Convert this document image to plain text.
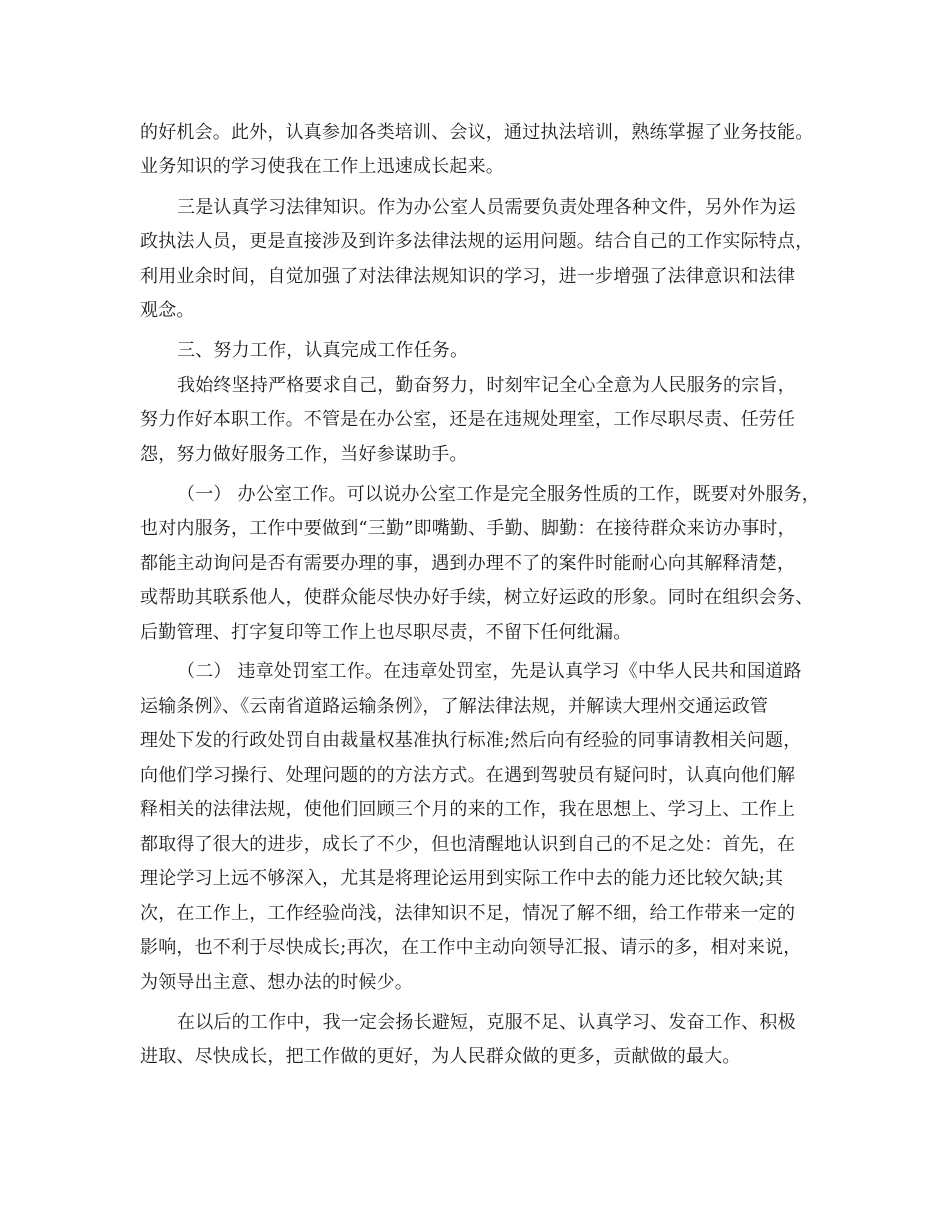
的好机会。此外，认真参加各类培训、会议，通过执法培训，熟练掌握了业务技能。
业务知识的学习使我在工作上迅速成长起来。
三是认真学习法律知识。作为办公室人员需要负责处理各种文件，另外作为运
政执法人员，更是直接涉及到许多法律法规的运用问题。结合自己的工作实际特点，
利用业余时间，自觉加强了对法律法规知识的学习，进一步增强了法律意识和法律
观念。
三、努力工作，认真完成工作任务。
我始终坚持严格要求自己，勤奋努力，时刻牢记全心全意为人民服务的宗旨，
努力作好本职工作。不管是在办公室，还是在违规处理室，工作尽职尽责、任劳任
怨，努力做好服务工作，当好参谋助手。
（一） 办公室工作。可以说办公室工作是完全服务性质的工作，既要对外服务，
也对内服务，工作中要做到“三勤”即嘴勤、手勤、脚勤：在接待群众来访办事时，
都能主动询问是否有需要办理的事，遇到办理不了的案件时能耐心向其解释清楚，
或帮助其联系他人，使群众能尽快办好手续，树立好运政的形象。同时在组织会务、
后勤管理、打字复印等工作上也尽职尽责，不留下任何纰漏。
（二） 违章处罚室工作。在违章处罚室，先是认真学习《中华人民共和国道路
运输条例》、《云南省道路运输条例》，了解法律法规，并解读大理州交通运政管
理处下发的行政处罚自由裁量权基准执行标准;然后向有经验的同事请教相关问题，
向他们学习操行、处理问题的的方法方式。在遇到驾驶员有疑问时，认真向他们解
释相关的法律法规，使他们回顾三个月的来的工作，我在思想上、学习上、工作上
都取得了很大的进步，成长了不少，但也清醒地认识到自己的不足之处：首先，在
理论学习上远不够深入，尤其是将理论运用到实际工作中去的能力还比较欠缺;其
次，在工作上，工作经验尚浅，法律知识不足，情况了解不细，给工作带来一定的
影响，也不利于尽快成长;再次，在工作中主动向领导汇报、请示的多，相对来说，
为领导出主意、想办法的时候少。
在以后的工作中，我一定会扬长避短，克服不足、认真学习、发奋工作、积极
进取、尽快成长，把工作做的更好，为人民群众做的更多，贡献做的最大。
